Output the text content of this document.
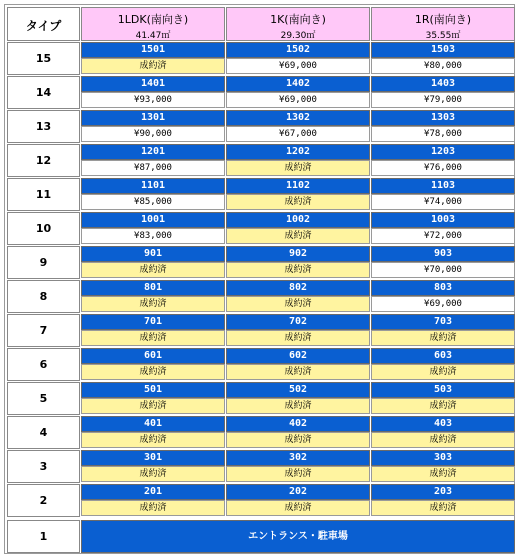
タイプ	1LDK(南向き)
41.47㎡
1K(南向き)
29.30㎡
1R(南向き)
35.55㎡
15
1501
成約済
1502
¥69,000
1503
¥80,000
14
1401
¥93,000
1402
¥69,000
1403
¥79,000
13
1301
¥90,000
1302
¥67,000
1303
¥78,000
12
1201
¥87,000
1202
成約済
1203
¥76,000
11
1101
¥85,000
1102
成約済
1103
¥74,000
10
1001
¥83,000
1002
成約済
1003
¥72,000
9
901
成約済
902
成約済
903
¥70,000
8
801
成約済
802
成約済
803
¥69,000
7
701
成約済
702
成約済
703
成約済
6
601
成約済
602
成約済
603
成約済
5
501
成約済
502
成約済
503
成約済
4
401
成約済
402
成約済
403
成約済
3
301
成約済
302
成約済
303
成約済
2
201
成約済
202
成約済
203
成約済
1	エントランス・駐車場
